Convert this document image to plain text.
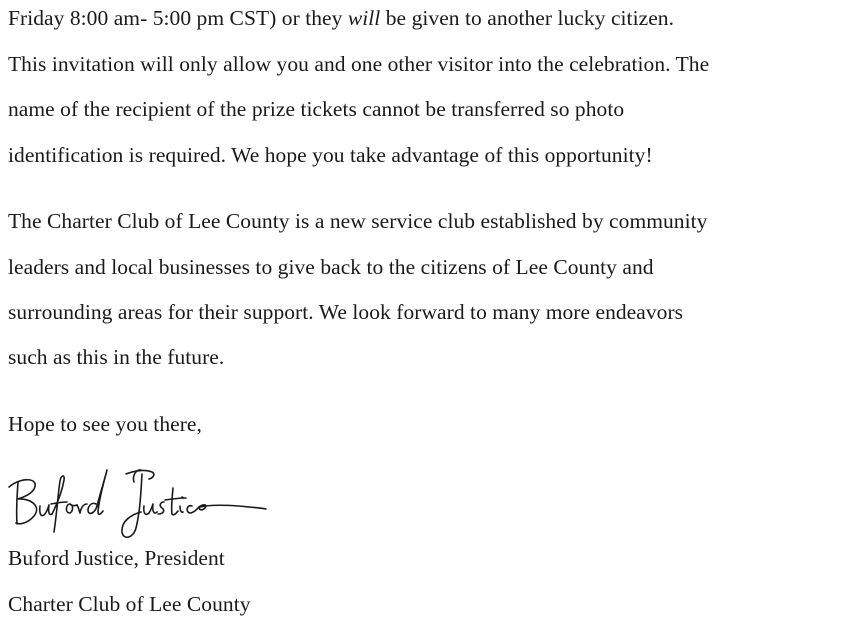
Friday 8:00 am- 5:00 pm CST) or they will be given to another lucky citizen.
This invitation will only allow you and one other visitor into the celebration. The
name of the recipient of the prize tickets cannot be transferred so photo
identification is required. We hope you take advantage of this opportunity!
The Charter Club of Lee County is a new service club established by community
leaders and local businesses to give back to the citizens of Lee County and
surrounding areas for their support. We look forward to many more endeavors
such as this in the future.
Hope to see you there,
Buford Justice, President
Charter Club of Lee County
